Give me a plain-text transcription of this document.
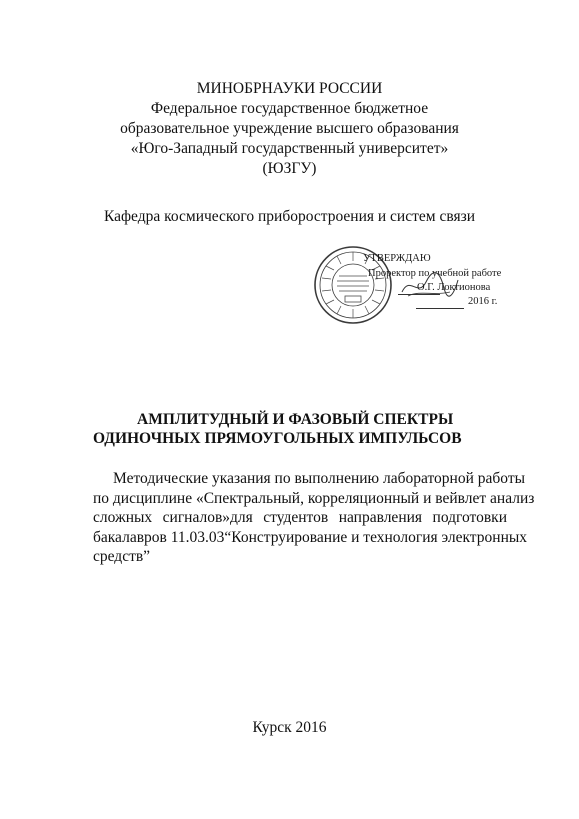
МИНОБРНАУКИ РОССИИ
Федеральное государственное бюджетное
образовательное учреждение высшего образования
«Юго-Западный государственный университет»
(ЮЗГУ)
Кафедра космического приборостроения и систем связи
УТВЕРЖДАЮ
Проректор по учебной работе
О.Г. Локтионова
2016 г.
АМПЛИТУДНЫЙ И ФАЗОВЫЙ СПЕКТРЫ
ОДИНОЧНЫХ ПРЯМОУГОЛЬНЫХ ИМПУЛЬСОВ
Методические указания по выполнению лабораторной работы
по дисциплине «Спектральный, корреляционный и вейвлет анализ
сложных сигналов»для студентов направления подготовки
бакалавров 11.03.03“Конструирование и технология электронных
средств”
Курск 2016
